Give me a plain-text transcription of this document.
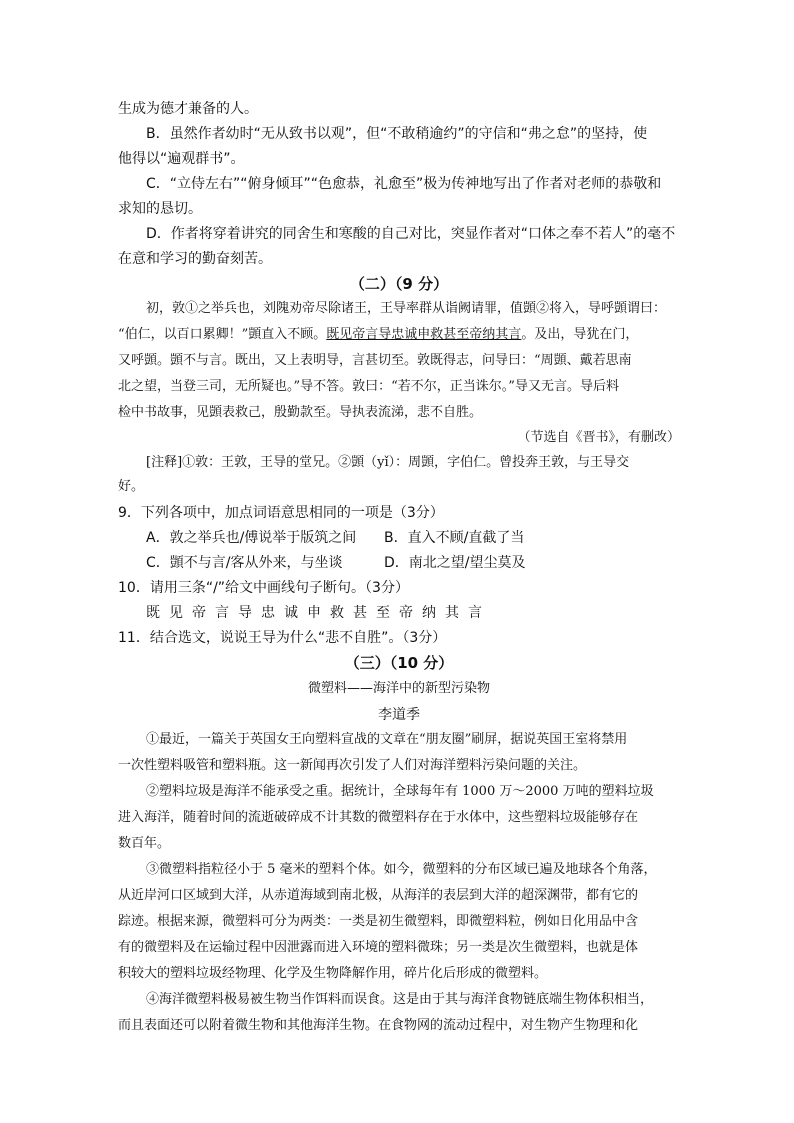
生成为德才兼备的人。
B．虽然作者幼时“无从致书以观”，但“不敢稍逾约”的守信和“弗之怠”的坚持，使
他得以“遍观群书”。
C．“立侍左右”“俯身倾耳”“色愈恭，礼愈至”极为传神地写出了作者对老师的恭敬和
求知的恳切。
D．作者将穿着讲究的同舍生和寒酸的自己对比，突显作者对“口体之奉不若人”的毫不
在意和学习的勤奋刻苦。
（二）（9 分）
初，敦①之举兵也，刘隗劝帝尽除诸王，王导率群从诣阙请罪，值顗②将入，导呼顗谓曰：
“伯仁，以百口累卿！”顗直入不顾。既见帝言导忠诚申救甚至帝纳其言。及出，导犹在门，
又呼顗。顗不与言。既出，又上表明导，言甚切至。敦既得志，问导曰：“周顗、戴若思南
北之望，当登三司，无所疑也。”导不答。敦曰：“若不尔，正当诛尔。”导又无言。导后料
检中书故事，见顗表救己，殷勤款至。导执表流涕，悲不自胜。
（节选自《晋书》，有删改）
[注释]①敦：王敦，王导的堂兄。②顗（yǐ）：周顗，字伯仁。曾投奔王敦，与王导交
好。
9．下列各项中，加点词语意思相同的一项是（3分）
A．敦之举兵也/傅说举于版筑之间	B．直入不顾/直截了当
C．顗不与言/客从外来，与坐谈	D．南北之望/望尘莫及
10．请用三条“/”给文中画线句子断句。（3分）
既见帝言导忠诚申救甚至帝纳其言
11．结合选文，说说王导为什么“悲不自胜”。（3分）
（三）（10 分）
微塑料——海洋中的新型污染物
李道季
①最近，一篇关于英国女王向塑料宣战的文章在“朋友圈”刷屏，据说英国王室将禁用
一次性塑料吸管和塑料瓶。这一新闻再次引发了人们对海洋塑料污染问题的关注。
②塑料垃圾是海洋不能承受之重。据统计，全球每年有 1000 万～2000 万吨的塑料垃圾
进入海洋，随着时间的流逝破碎成不计其数的微塑料存在于水体中，这些塑料垃圾能够存在
数百年。
③微塑料指粒径小于 5 毫米的塑料个体。如今，微塑料的分布区域已遍及地球各个角落，
从近岸河口区域到大洋，从赤道海域到南北极，从海洋的表层到大洋的超深渊带，都有它的
踪迹。根据来源，微塑料可分为两类：一类是初生微塑料，即微塑料粒，例如日化用品中含
有的微塑料及在运输过程中因泄露而进入环境的塑料微珠；另一类是次生微塑料，也就是体
积较大的塑料垃圾经物理、化学及生物降解作用，碎片化后形成的微塑料。
④海洋微塑料极易被生物当作饵料而误食。这是由于其与海洋食物链底端生物体积相当，
而且表面还可以附着微生物和其他海洋生物。在食物网的流动过程中，对生物产生物理和化
